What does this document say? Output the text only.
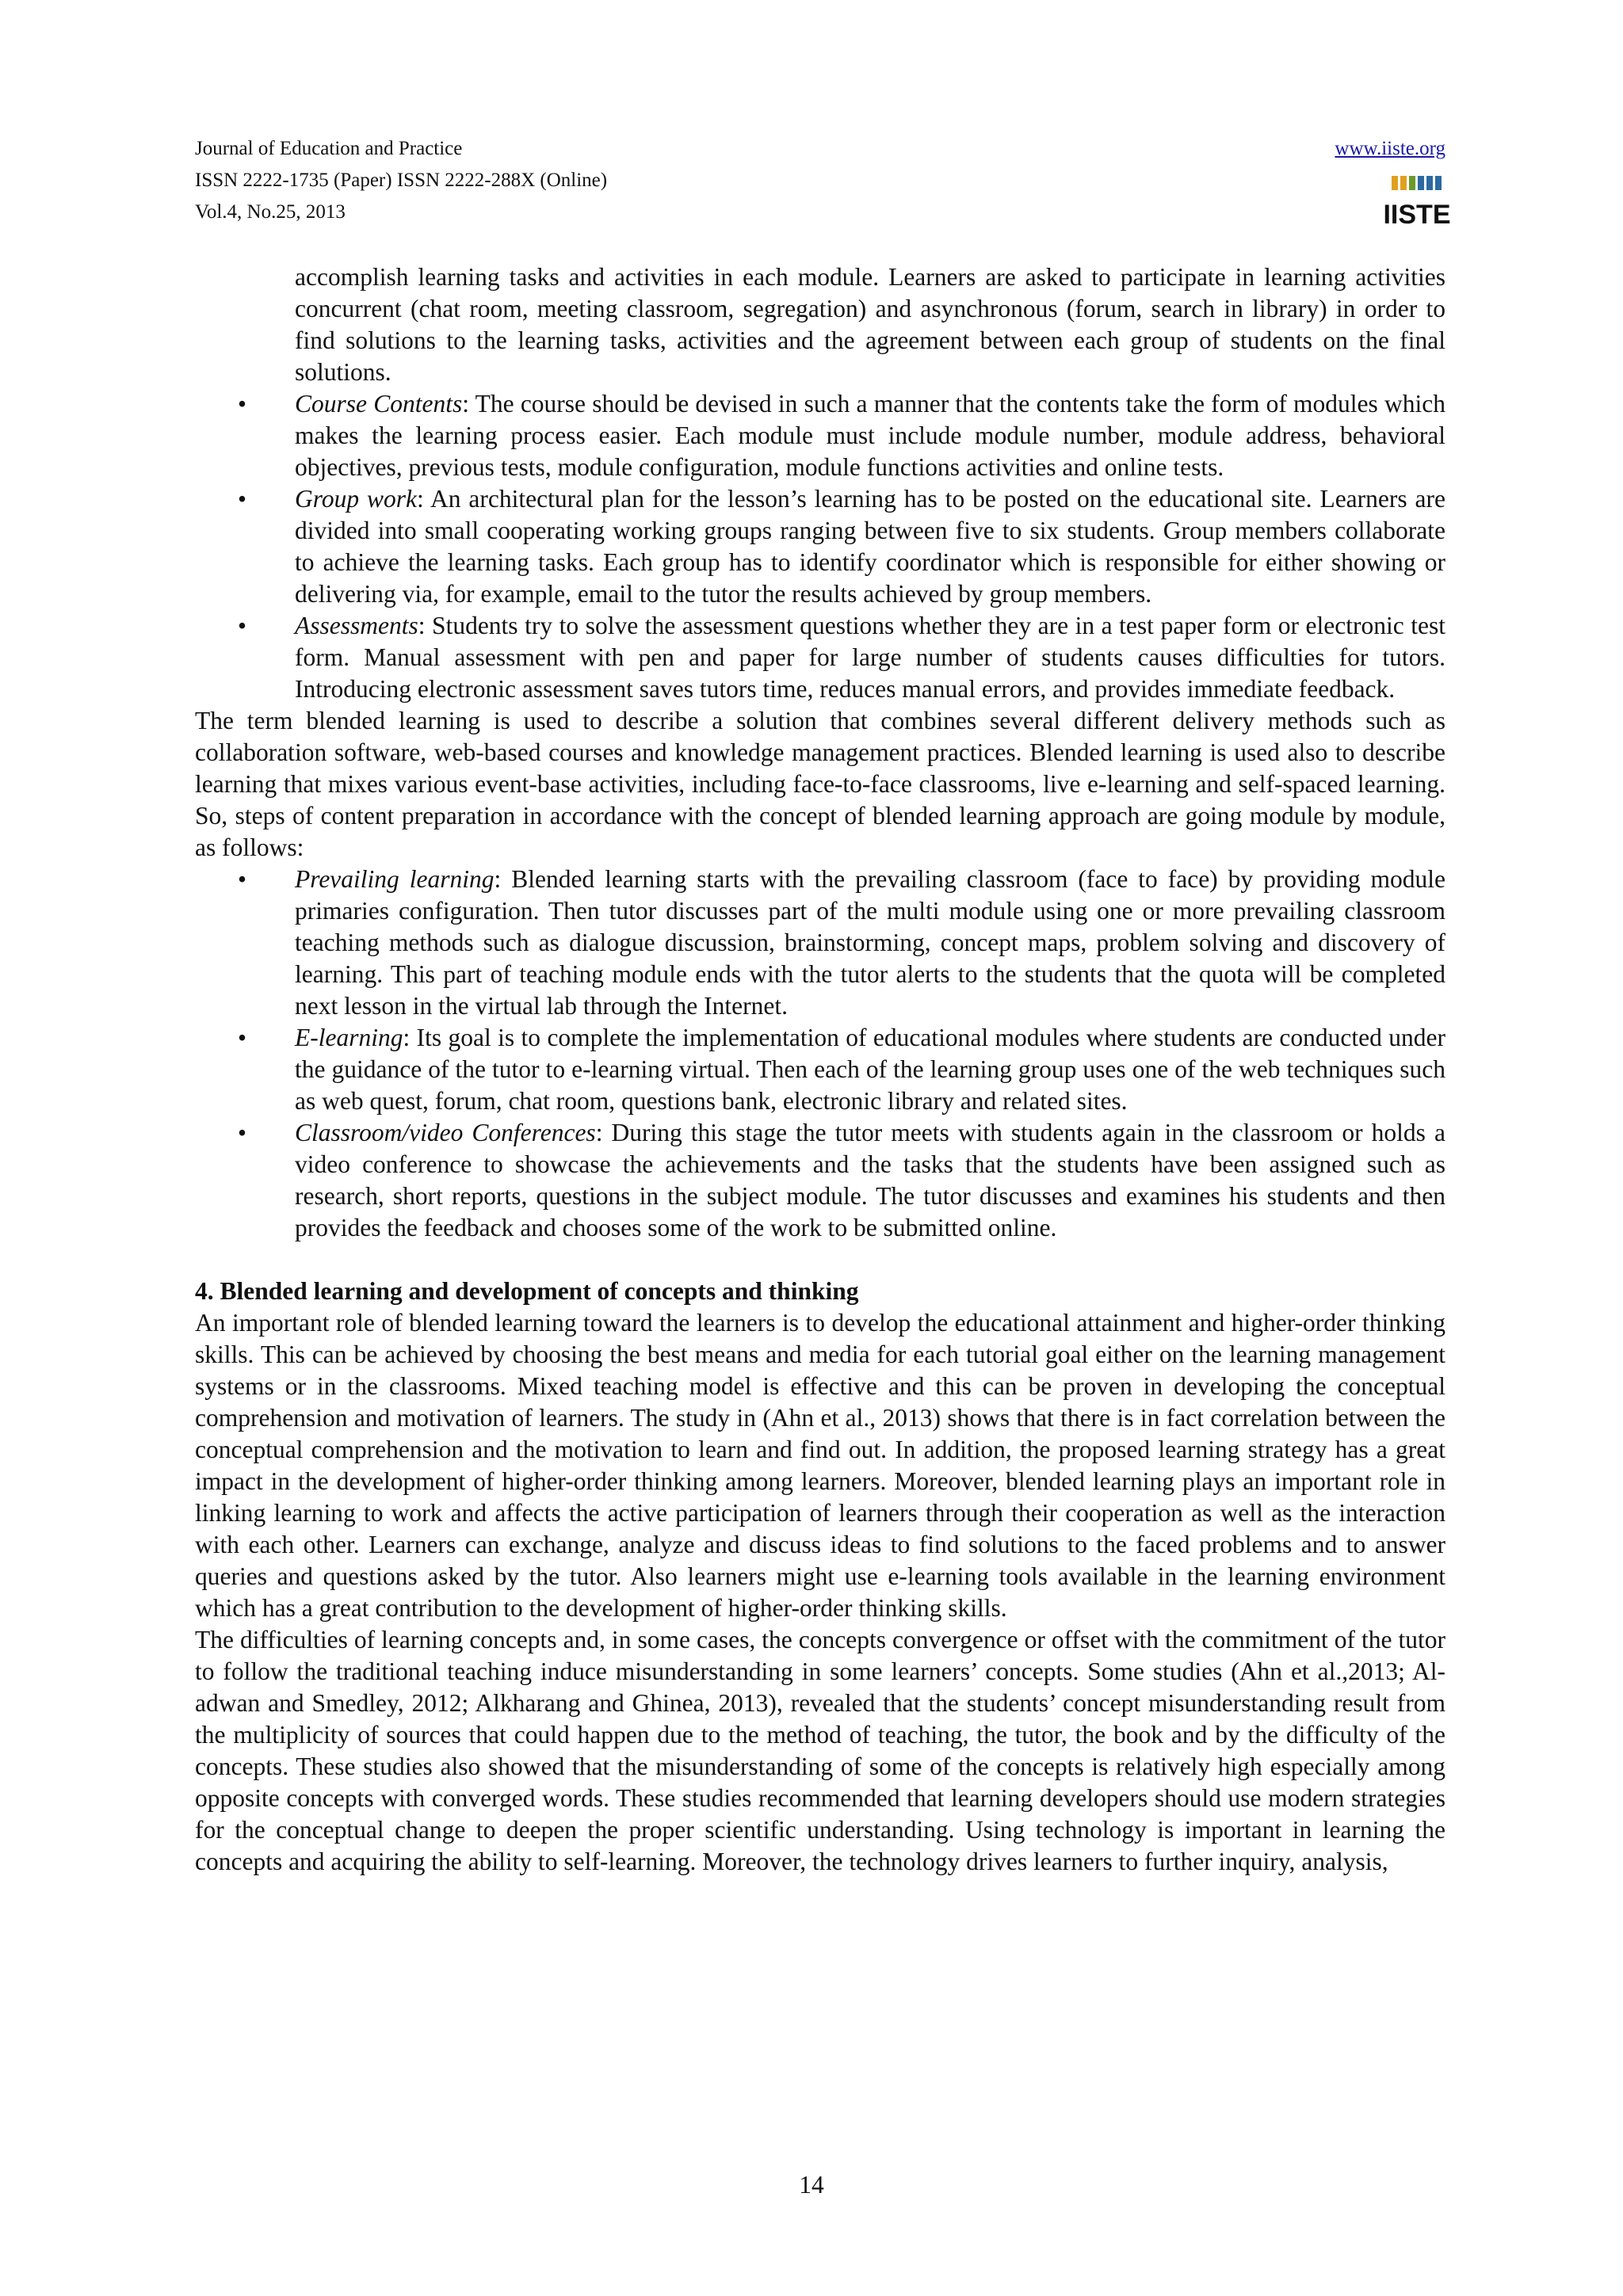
Journal of Education and Practice
ISSN 2222-1735 (Paper) ISSN 2222-288X (Online)
Vol.4, No.25, 2013
www.iiste.org
IISTE

accomplish learning tasks and activities in each module. Learners are asked to participate in learning activities concurrent (chat room, meeting classroom, segregation) and asynchronous (forum, search in library) in order to find solutions to the learning tasks, activities and the agreement between each group of students on the final solutions.

• Course Contents: The course should be devised in such a manner that the contents take the form of modules which makes the learning process easier. Each module must include module number, module address, behavioral objectives, previous tests, module configuration, module functions activities and online tests.

• Group work: An architectural plan for the lesson’s learning has to be posted on the educational site. Learners are divided into small cooperating working groups ranging between five to six students. Group members collaborate to achieve the learning tasks. Each group has to identify coordinator which is responsible for either showing or delivering via, for example, email to the tutor the results achieved by group members.

• Assessments: Students try to solve the assessment questions whether they are in a test paper form or electronic test form. Manual assessment with pen and paper for large number of students causes difficulties for tutors. Introducing electronic assessment saves tutors time, reduces manual errors, and provides immediate feedback.

The term blended learning is used to describe a solution that combines several different delivery methods such as collaboration software, web-based courses and knowledge management practices. Blended learning is used also to describe learning that mixes various event-base activities, including face-to-face classrooms, live e-learning and self-spaced learning. So, steps of content preparation in accordance with the concept of blended learning approach are going module by module, as follows:

• Prevailing learning: Blended learning starts with the prevailing classroom (face to face) by providing module primaries configuration. Then tutor discusses part of the multi module using one or more prevailing classroom teaching methods such as dialogue discussion, brainstorming, concept maps, problem solving and discovery of learning. This part of teaching module ends with the tutor alerts to the students that the quota will be completed next lesson in the virtual lab through the Internet.

• E-learning: Its goal is to complete the implementation of educational modules where students are conducted under the guidance of the tutor to e-learning virtual. Then each of the learning group uses one of the web techniques such as web quest, forum, chat room, questions bank, electronic library and related sites.

• Classroom/video Conferences: During this stage the tutor meets with students again in the classroom or holds a video conference to showcase the achievements and the tasks that the students have been assigned such as research, short reports, questions in the subject module. The tutor discusses and examines his students and then provides the feedback and chooses some of the work to be submitted online.

4. Blended learning and development of concepts and thinking

An important role of blended learning toward the learners is to develop the educational attainment and higher-order thinking skills. This can be achieved by choosing the best means and media for each tutorial goal either on the learning management systems or in the classrooms. Mixed teaching model is effective and this can be proven in developing the conceptual comprehension and motivation of learners. The study in (Ahn et al., 2013) shows that there is in fact correlation between the conceptual comprehension and the motivation to learn and find out. In addition, the proposed learning strategy has a great impact in the development of higher-order thinking among learners. Moreover, blended learning plays an important role in linking learning to work and affects the active participation of learners through their cooperation as well as the interaction with each other. Learners can exchange, analyze and discuss ideas to find solutions to the faced problems and to answer queries and questions asked by the tutor. Also learners might use e-learning tools available in the learning environment which has a great contribution to the development of higher-order thinking skills.

The difficulties of learning concepts and, in some cases, the concepts convergence or offset with the commitment of the tutor to follow the traditional teaching induce misunderstanding in some learners’ concepts. Some studies (Ahn et al.,2013; Al-adwan and Smedley, 2012; Alkharang and Ghinea, 2013), revealed that the students’ concept misunderstanding result from the multiplicity of sources that could happen due to the method of teaching, the tutor, the book and by the difficulty of the concepts. These studies also showed that the misunderstanding of some of the concepts is relatively high especially among opposite concepts with converged words. These studies recommended that learning developers should use modern strategies for the conceptual change to deepen the proper scientific understanding. Using technology is important in learning the concepts and acquiring the ability to self-learning. Moreover, the technology drives learners to further inquiry, analysis,

14
